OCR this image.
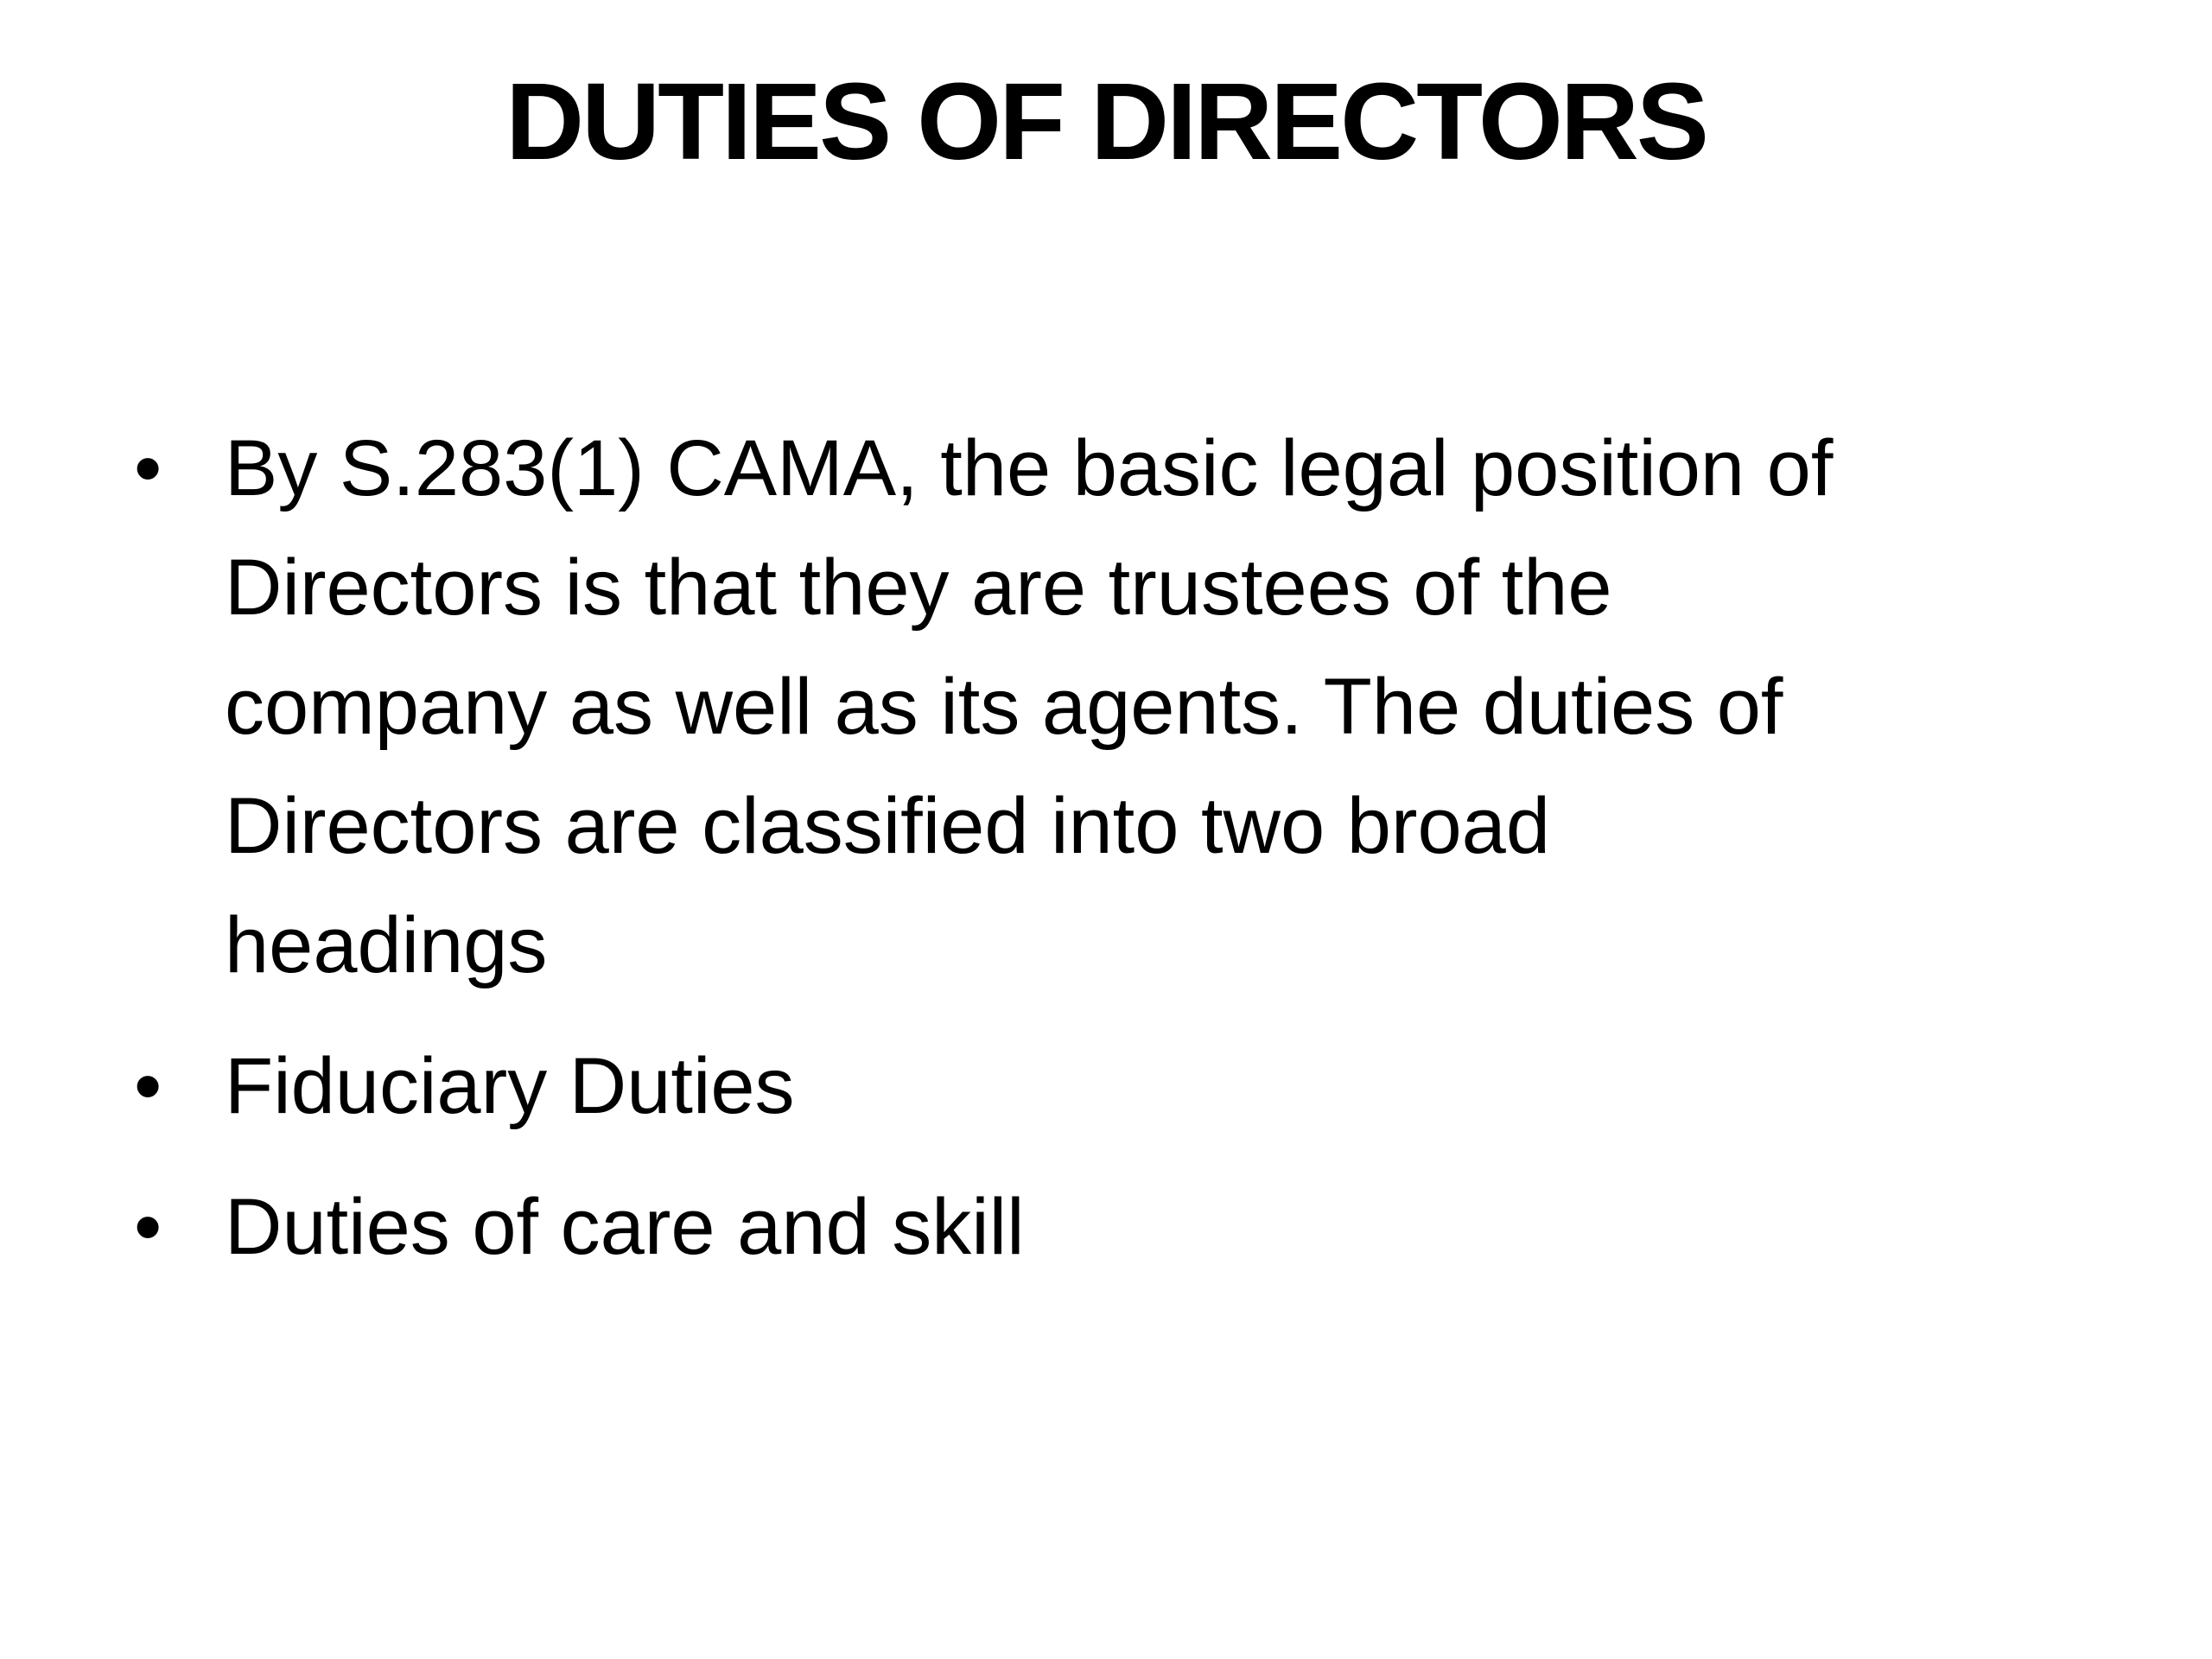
DUTIES OF DIRECTORS
• By S.283(1) CAMA, the basic legal position of
Directors is that they are trustees of the
company as well as its agents. The duties of
Directors are classified into two broad
headings
• Fiduciary Duties
• Duties of care and skill
